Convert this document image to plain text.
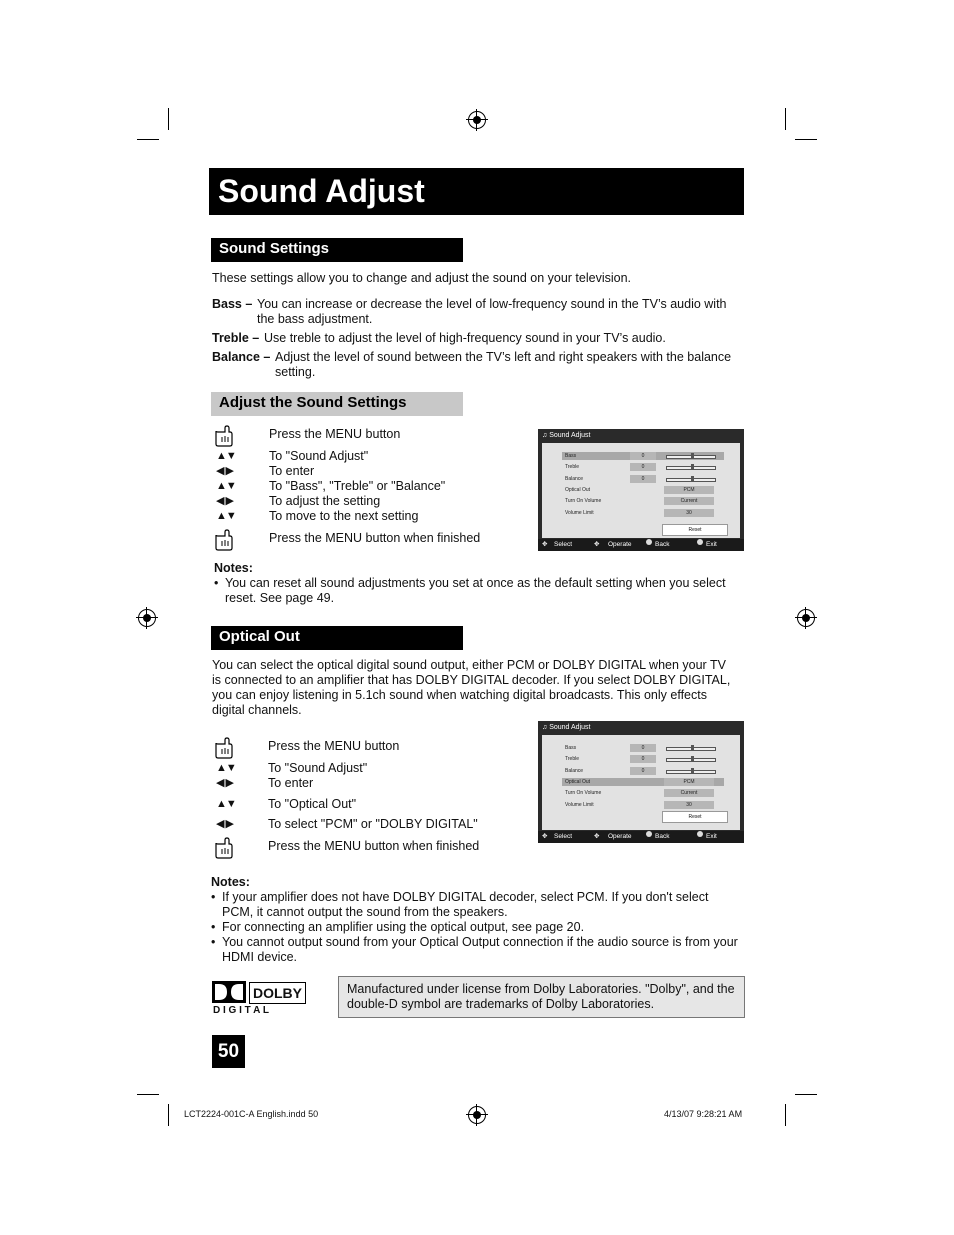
Sound Adjust
Sound Settings
These settings allow you to change and adjust the sound on your television.
Bass – You can increase or decrease the level of low-frequency sound in the TV’s audio with
the bass adjustment.
Treble – Use treble to adjust the level of high-frequency sound in your TV’s audio.
Balance – Adjust the level of sound between the TV’s left and right speakers with the balance
setting.
Adjust the Sound Settings
Press the MENU button
▲▼	To "Sound Adjust"
◀ ▶	To enter
▲▼	To "Bass", "Treble" or "Balance"
◀ ▶	To adjust the setting
▲▼	To move to the next setting
Press the MENU button when finished
♫ Sound Adjust
Bass	0
Treble	0
Balance	0
Optical Out	PCM
Turn On Volume	Current
Volume Limit	30
Reset
✥ Select	✥ Operate	Back	Exit
Notes:
• You can reset all sound adjustments you set at once as the default setting when you select
reset. See page 49.
Optical Out
You can select the optical digital sound output, either PCM or DOLBY DIGITAL when your TV
is connected to an amplifier that has DOLBY DIGITAL decoder. If you select DOLBY DIGITAL,
you can enjoy listening in 5.1ch sound when watching digital broadcasts. This only effects
digital channels.
Press the MENU button
▲▼	To "Sound Adjust"
◀ ▶	To enter
▲▼	To "Optical Out"
◀ ▶	To select "PCM" or "DOLBY DIGITAL"
Press the MENU button when finished
♫ Sound Adjust
Bass	0
Treble	0
Balance	0
Optical Out	PCM
Turn On Volume	Current
Volume Limit	30
Reset
✥ Select	✥ Operate	Back	Exit
Notes:
• If your amplifier does not have DOLBY DIGITAL decoder, select PCM. If you don't select
PCM, it cannot output the sound from the speakers.
• For connecting an amplifier using the optical output, see page 20.
• You cannot output sound from your Optical Output connection if the audio source is from your
HDMI device.
DOLBY
D I G I T A L
Manufactured under license from Dolby Laboratories. "Dolby", and the double-D symbol are trademarks of Dolby Laboratories.
50
LCT2224-001C-A English.indd 50	4/13/07 9:28:21 AM
